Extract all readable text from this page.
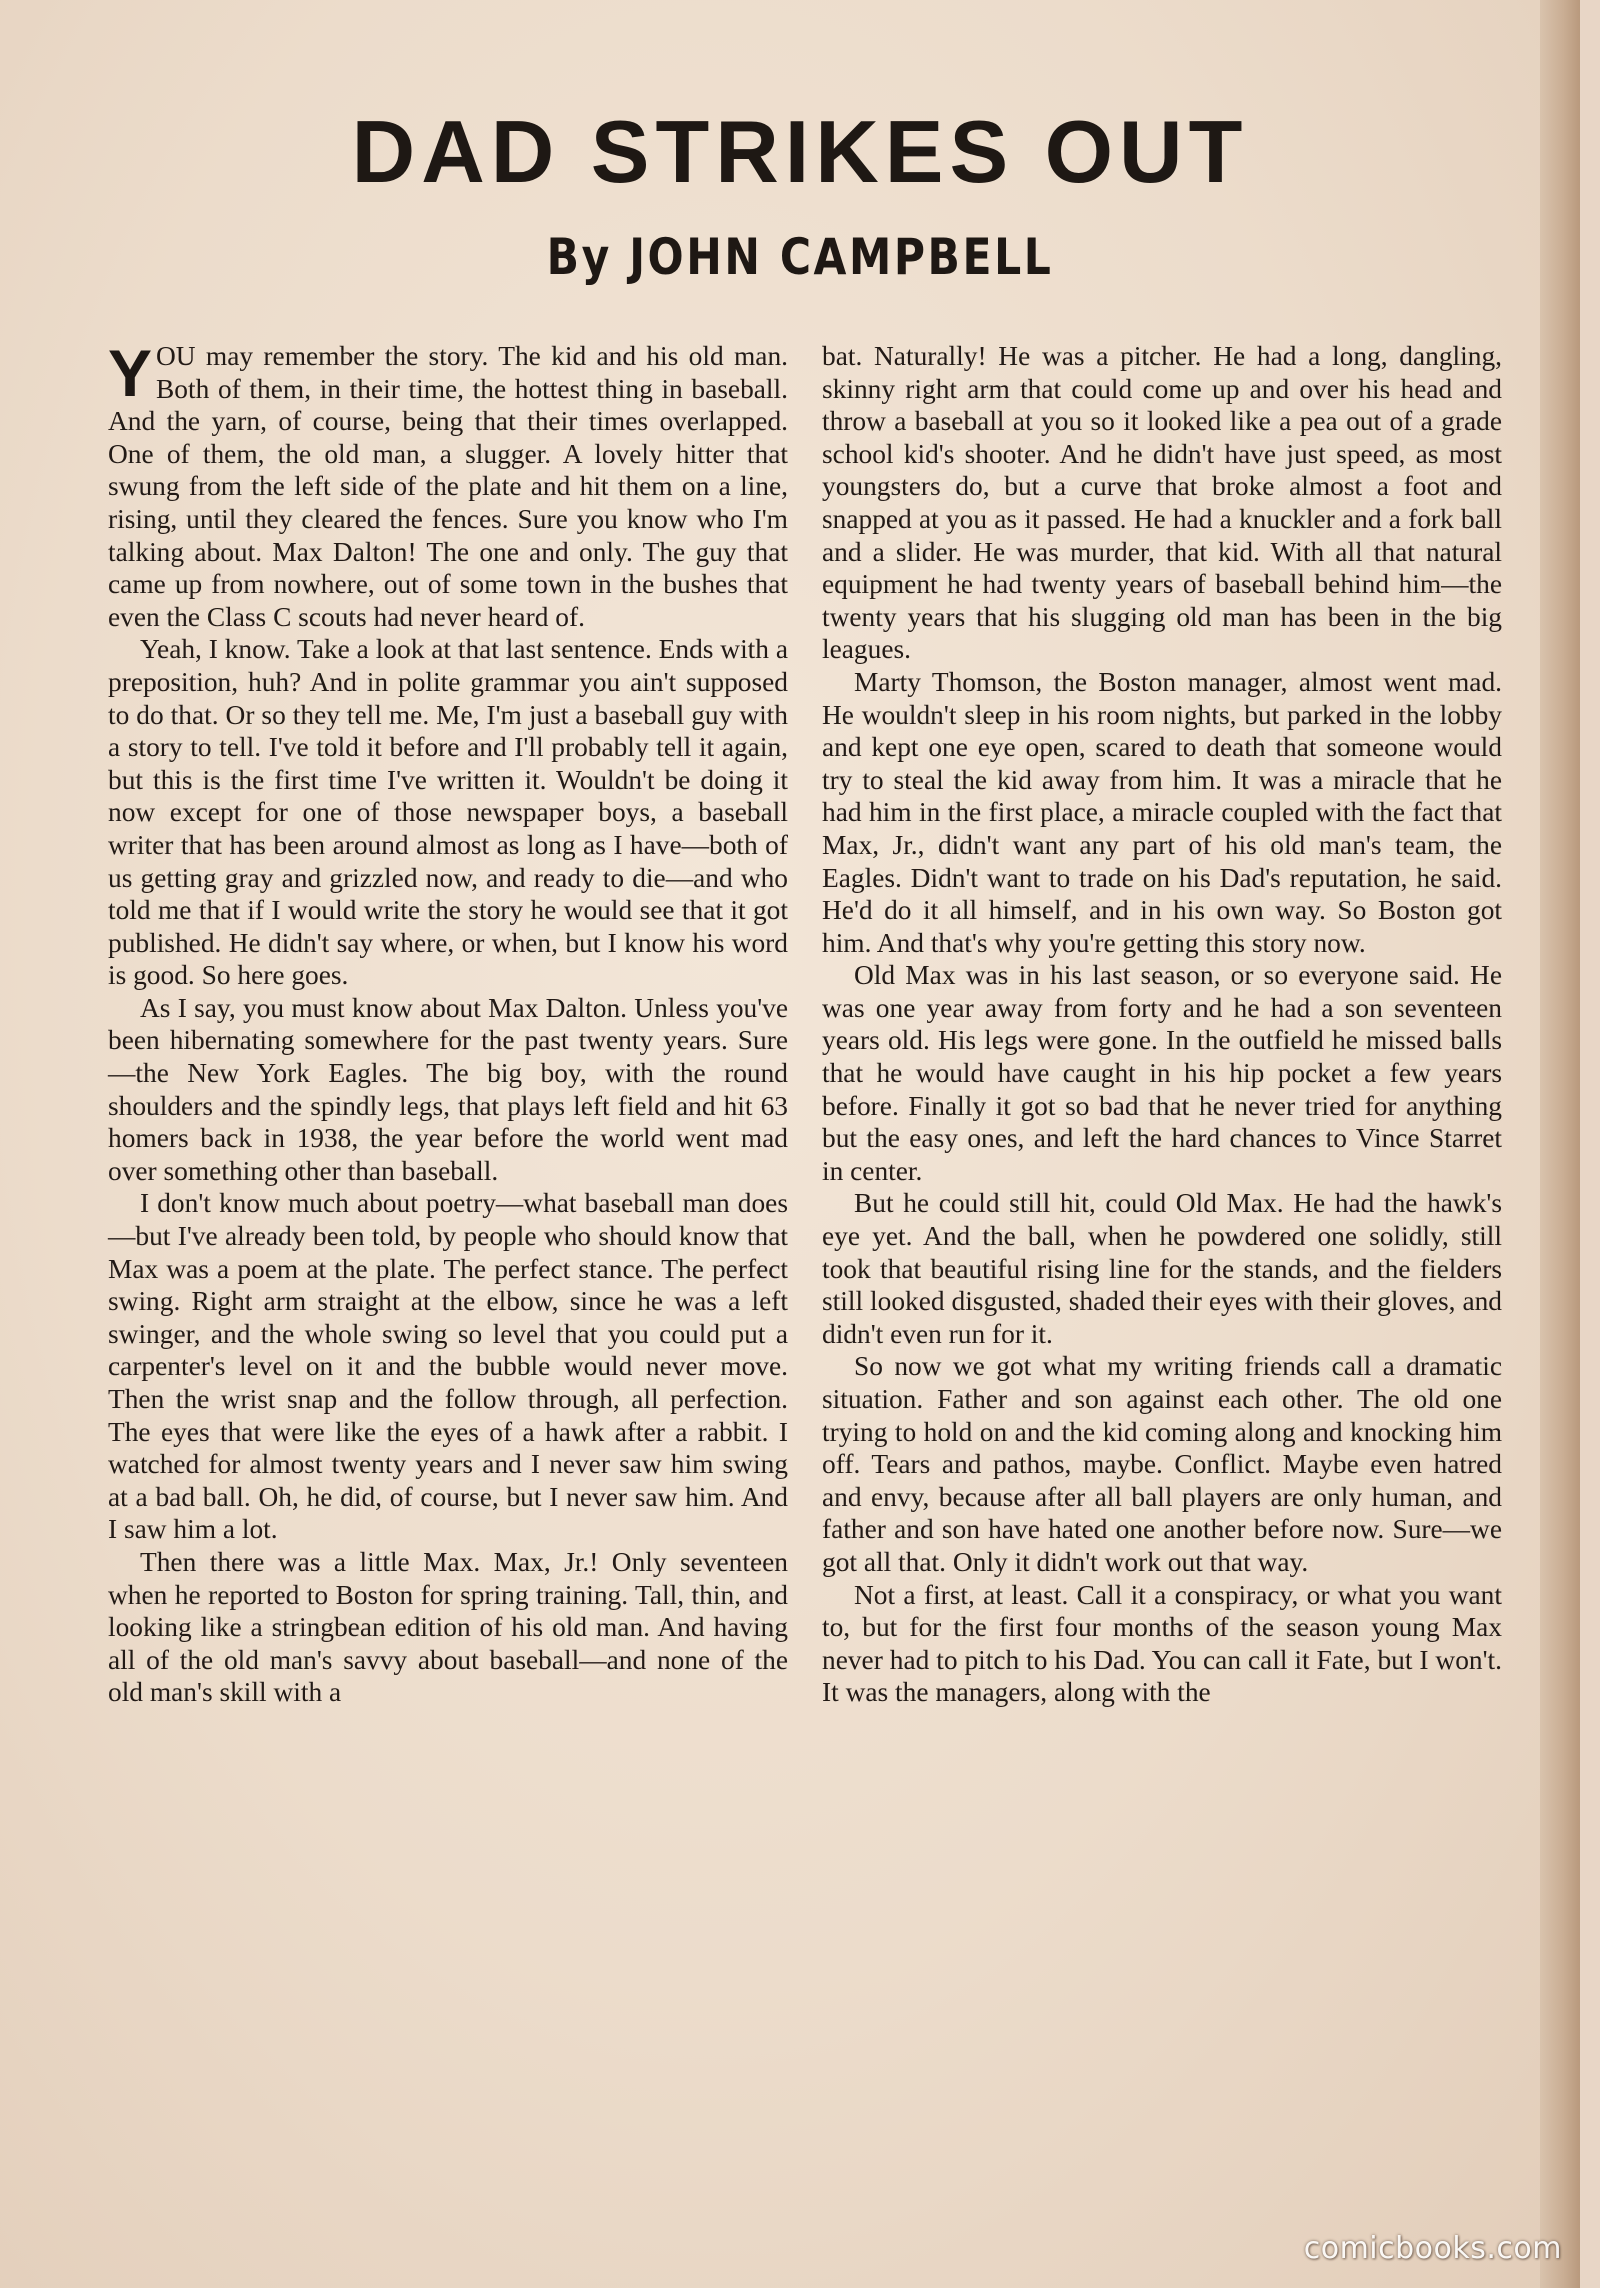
DAD STRIKES OUT
By JOHN CAMPBELL

YOU may remember the story. The kid and his old man. Both of them, in their time, the hottest thing in baseball. And the yarn, of course, being that their times overlapped. One of them, the old man, a slugger. A lovely hitter that swung from the left side of the plate and hit them on a line, rising, until they cleared the fences. Sure you know who I'm talking about. Max Dalton! The one and only. The guy that came up from nowhere, out of some town in the bushes that even the Class C scouts had never heard of.

Yeah, I know. Take a look at that last sentence. Ends with a preposition, huh? And in polite grammar you ain't supposed to do that. Or so they tell me. Me, I'm just a baseball guy with a story to tell. I've told it before and I'll probably tell it again, but this is the first time I've written it. Wouldn't be doing it now except for one of those newspaper boys, a baseball writer that has been around almost as long as I have—both of us getting gray and grizzled now, and ready to die—and who told me that if I would write the story he would see that it got published. He didn't say where, or when, but I know his word is good. So here goes.

As I say, you must know about Max Dalton. Unless you've been hibernating somewhere for the past twenty years. Sure—the New York Eagles. The big boy, with the round shoulders and the spindly legs, that plays left field and hit 63 homers back in 1938, the year before the world went mad over something other than baseball.

I don't know much about poetry—what baseball man does—but I've already been told, by people who should know that Max was a poem at the plate. The perfect stance. The perfect swing. Right arm straight at the elbow, since he was a left swinger, and the whole swing so level that you could put a carpenter's level on it and the bubble would never move. Then the wrist snap and the follow through, all perfection. The eyes that were like the eyes of a hawk after a rabbit. I watched for almost twenty years and I never saw him swing at a bad ball. Oh, he did, of course, but I never saw him. And I saw him a lot.

Then there was a little Max. Max, Jr.! Only seventeen when he reported to Boston for spring training. Tall, thin, and looking like a stringbean edition of his old man. And having all of the old man's savvy about baseball—and none of the old man's skill with a

bat. Naturally! He was a pitcher. He had a long, dangling, skinny right arm that could come up and over his head and throw a baseball at you so it looked like a pea out of a grade school kid's shooter. And he didn't have just speed, as most youngsters do, but a curve that broke almost a foot and snapped at you as it passed. He had a knuckler and a fork ball and a slider. He was murder, that kid. With all that natural equipment he had twenty years of baseball behind him—the twenty years that his slugging old man has been in the big leagues.

Marty Thomson, the Boston manager, almost went mad. He wouldn't sleep in his room nights, but parked in the lobby and kept one eye open, scared to death that someone would try to steal the kid away from him. It was a miracle that he had him in the first place, a miracle coupled with the fact that Max, Jr., didn't want any part of his old man's team, the Eagles. Didn't want to trade on his Dad's reputation, he said. He'd do it all himself, and in his own way. So Boston got him. And that's why you're getting this story now.

Old Max was in his last season, or so everyone said. He was one year away from forty and he had a son seventeen years old. His legs were gone. In the outfield he missed balls that he would have caught in his hip pocket a few years before. Finally it got so bad that he never tried for anything but the easy ones, and left the hard chances to Vince Starret in center.

But he could still hit, could Old Max. He had the hawk's eye yet. And the ball, when he powdered one solidly, still took that beautiful rising line for the stands, and the fielders still looked disgusted, shaded their eyes with their gloves, and didn't even run for it.

So now we got what my writing friends call a dramatic situation. Father and son against each other. The old one trying to hold on and the kid coming along and knocking him off. Tears and pathos, maybe. Conflict. Maybe even hatred and envy, because after all ball players are only human, and father and son have hated one another before now. Sure—we got all that. Only it didn't work out that way.

Not a first, at least. Call it a conspiracy, or what you want to, but for the first four months of the season young Max never had to pitch to his Dad. You can call it Fate, but I won't. It was the managers, along with the

comicbooks.com
